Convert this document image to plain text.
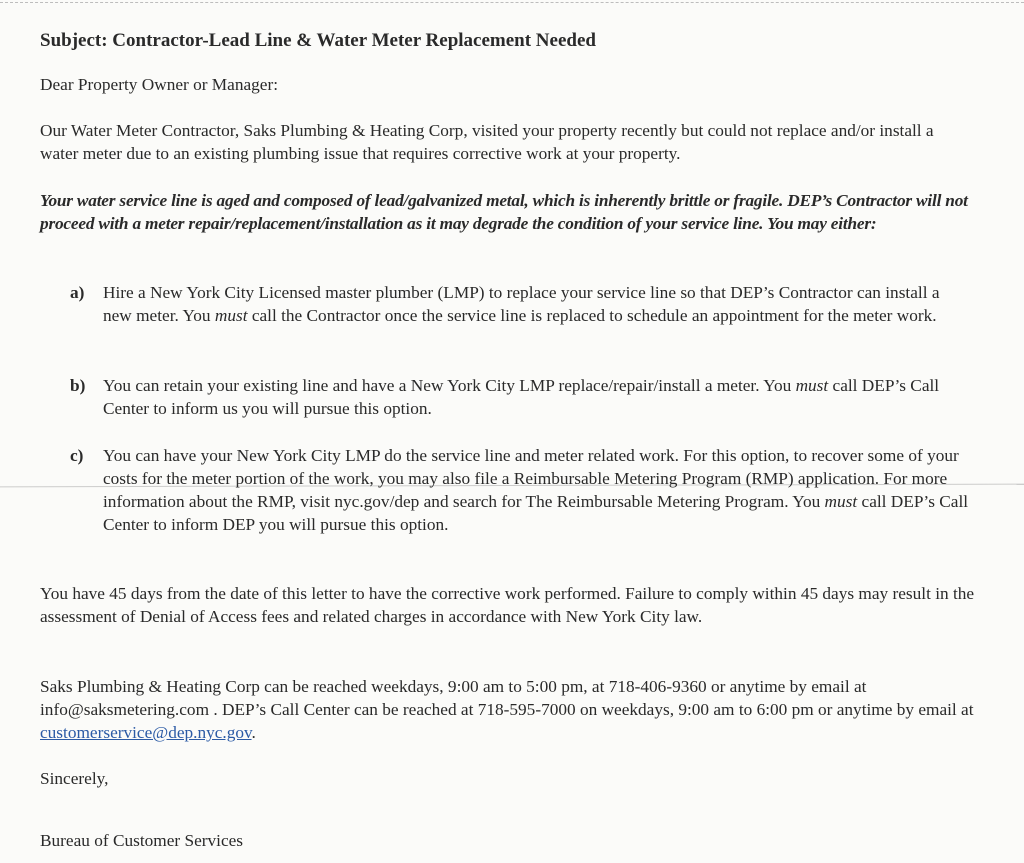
Subject: Contractor-Lead Line & Water Meter Replacement Needed

Dear Property Owner or Manager:

Our Water Meter Contractor, Saks Plumbing & Heating Corp, visited your property recently but could not replace and/or install a water meter due to an existing plumbing issue that requires corrective work at your property.

Your water service line is aged and composed of lead/galvanized metal, which is inherently brittle or fragile. DEP’s Contractor will not proceed with a meter repair/replacement/installation as it may degrade the condition of your service line. You may either:

a) Hire a New York City Licensed master plumber (LMP) to replace your service line so that DEP’s Contractor can install a new meter. You must call the Contractor once the service line is replaced to schedule an appointment for the meter work.
b) You can retain your existing line and have a New York City LMP replace/repair/install a meter. You must call DEP’s Call Center to inform us you will pursue this option.
c) You can have your New York City LMP do the service line and meter related work. For this option, to recover some of your costs for the meter portion of the work, you may also file a Reimbursable Metering Program (RMP) application. For more information about the RMP, visit nyc.gov/dep and search for The Reimbursable Metering Program. You must call DEP’s Call Center to inform DEP you will pursue this option.

You have 45 days from the date of this letter to have the corrective work performed. Failure to comply within 45 days may result in the assessment of Denial of Access fees and related charges in accordance with New York City law.

Saks Plumbing & Heating Corp can be reached weekdays, 9:00 am to 5:00 pm, at 718-406-9360 or anytime by email at info@saksmetering.com . DEP’s Call Center can be reached at 718-595-7000 on weekdays, 9:00 am to 6:00 pm or anytime by email at customerservice@dep.nyc.gov.

Sincerely,

Bureau of Customer Services
